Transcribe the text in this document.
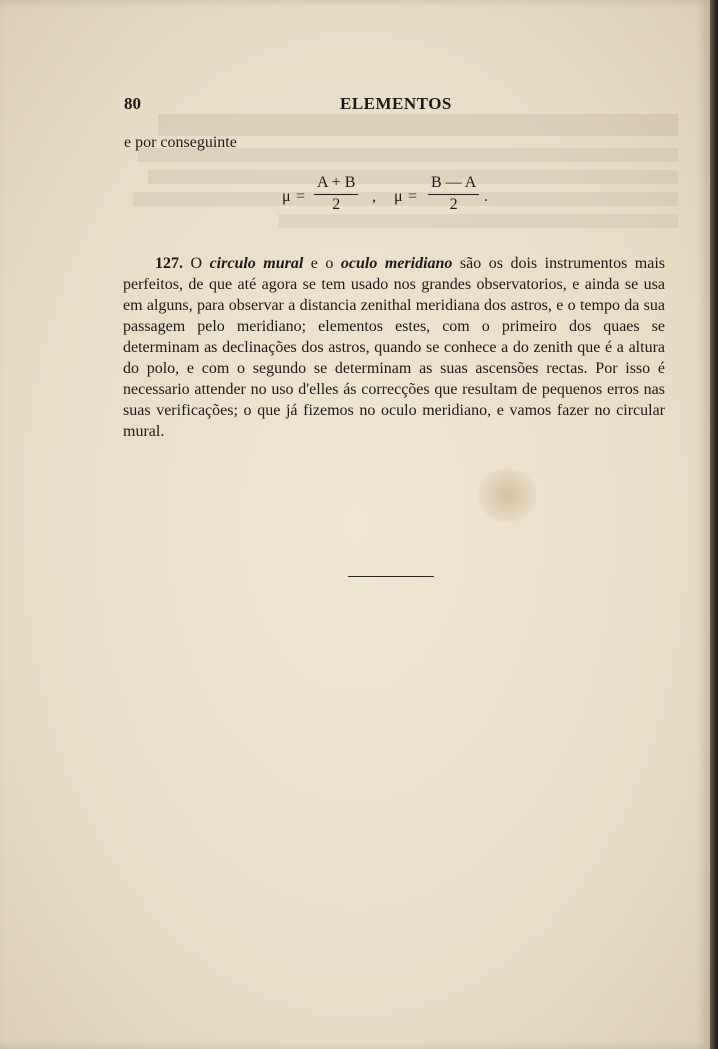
80	ELEMENTOS
e por conseguinte
$\mu = \frac{A + B}{2}$ , $\mu = \frac{B — A}{2}$ .
127. O circulo mural e o oculo meridiano são os dois instrumentos mais perfeitos, de que até agora se tem usado nos grandes observatorios, e ainda se usa em alguns, para observar a distancia zenithal meridiana dos astros, e o tempo da sua passagem pelo meridiano; elementos estes, com o primeiro dos quaes se determinam as declinações dos astros, quando se conhece a do zenith que é a altura do polo, e com o segundo se determinam as suas ascensões rectas. Por isso é necessario attender no uso d'elles ás correcções que resultam de pequenos erros nas suas verificações; o que já fizemos no oculo meridiano, e vamos fazer no circular mural.
